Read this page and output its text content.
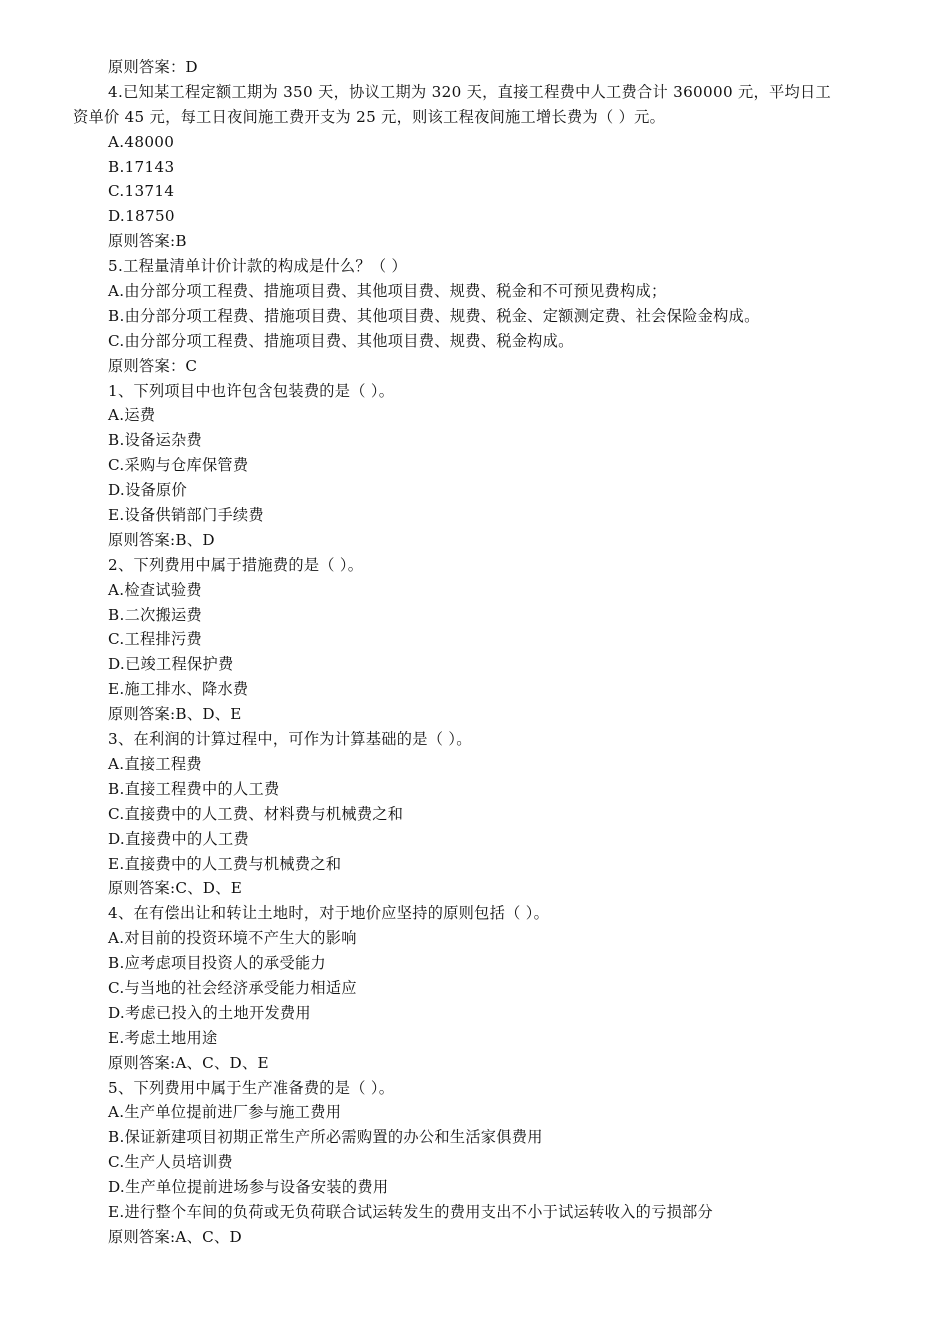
原则答案：D
4.已知某工程定额工期为 350 天，协议工期为 320 天，直接工程费中人工费合计 360000 元，平均日工
资单价 45 元，每工日夜间施工费开支为 25 元，则该工程夜间施工增长费为（ ）元。
A.48000
B.17143
C.13714
D.18750
原则答案:B
5.工程量清单计价计款的构成是什么？（ ）
A.由分部分项工程费、措施项目费、其他项目费、规费、税金和不可预见费构成；
B.由分部分项工程费、措施项目费、其他项目费、规费、税金、定额测定费、社会保险金构成。
C.由分部分项工程费、措施项目费、其他项目费、规费、税金构成。
原则答案：C
1、下列项目中也许包含包装费的是（ ）。
A.运费
B.设备运杂费
C.采购与仓库保管费
D.设备原价
E.设备供销部门手续费
原则答案:B、D
2、下列费用中属于措施费的是（ ）。
A.检查试验费
B.二次搬运费
C.工程排污费
D.已竣工程保护费
E.施工排水、降水费
原则答案:B、D、E
3、在利润的计算过程中，可作为计算基础的是（ ）。
A.直接工程费
B.直接工程费中的人工费
C.直接费中的人工费、材料费与机械费之和
D.直接费中的人工费
E.直接费中的人工费与机械费之和
原则答案:C、D、E
4、在有偿出让和转让土地时，对于地价应坚持的原则包括（ ）。
A.对目前的投资环境不产生大的影响
B.应考虑项目投资人的承受能力
C.与当地的社会经济承受能力相适应
D.考虑已投入的土地开发费用
E.考虑土地用途
原则答案:A、C、D、E
5、下列费用中属于生产准备费的是（ ）。
A.生产单位提前进厂参与施工费用
B.保证新建项目初期正常生产所必需购置的办公和生活家俱费用
C.生产人员培训费
D.生产单位提前进场参与设备安装的费用
E.进行整个车间的负荷或无负荷联合试运转发生的费用支出不小于试运转收入的亏损部分
原则答案:A、C、D
